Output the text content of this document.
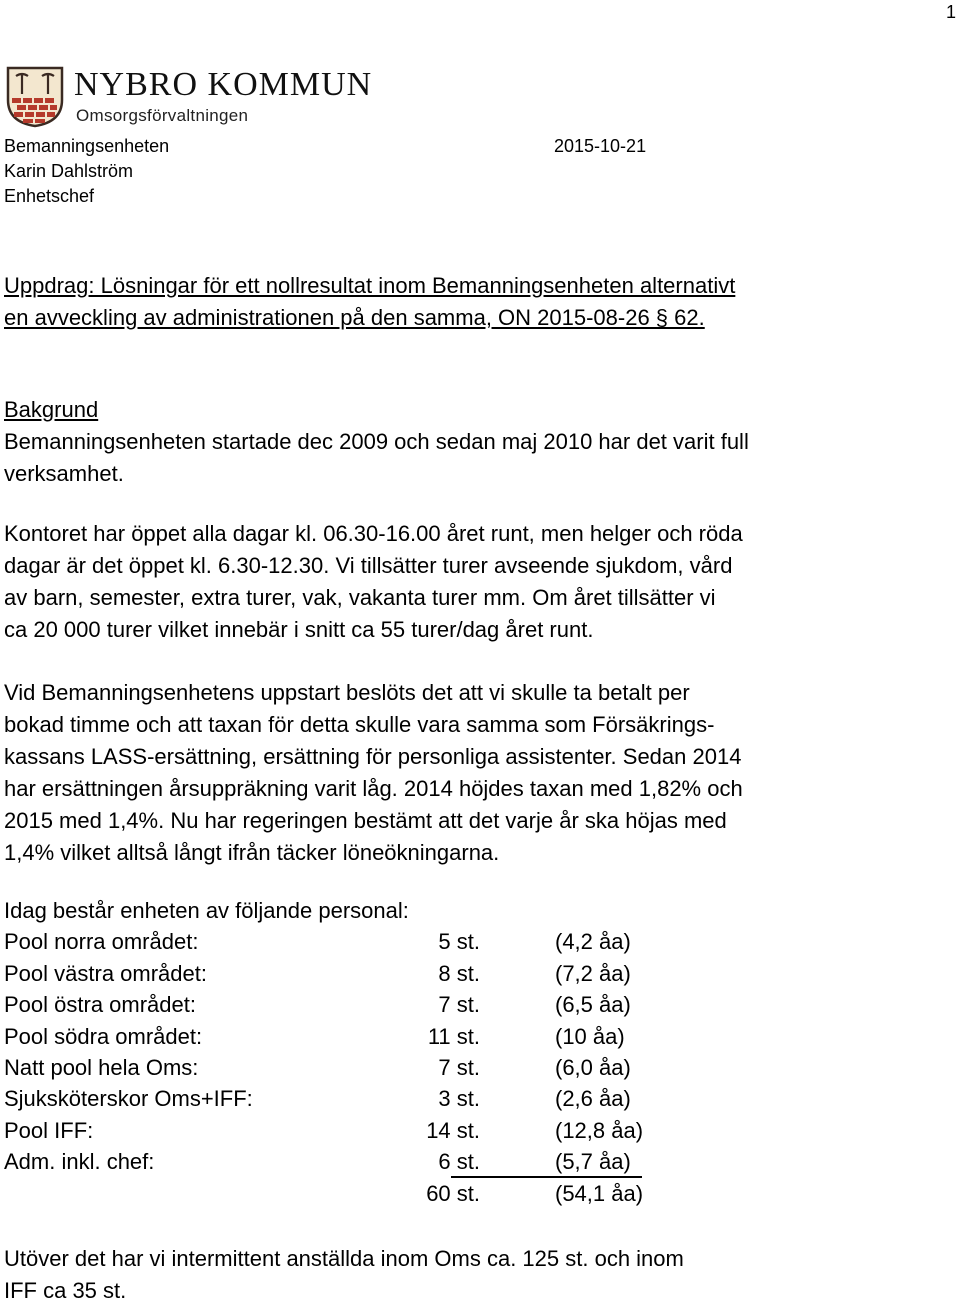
1
NYBRO KOMMUN
Omsorgsförvaltningen
Bemanningsenheten
Karin Dahlström
Enhetschef
2015-10-21
Uppdrag: Lösningar för ett nollresultat inom Bemanningsenheten alternativt
en avveckling av administrationen på den samma, ON 2015-08-26 § 62.
Bakgrund
Bemanningsenheten startade dec 2009 och sedan maj 2010 har det varit full
verksamhet.
Kontoret har öppet alla dagar kl. 06.30-16.00 året runt, men helger och röda
dagar är det öppet kl. 6.30-12.30. Vi tillsätter turer avseende sjukdom, vård
av barn, semester, extra turer, vak, vakanta turer mm. Om året tillsätter vi
ca 20 000 turer vilket innebär i snitt ca 55 turer/dag året runt.
Vid Bemanningsenhetens uppstart beslöts det att vi skulle ta betalt per
bokad timme och att taxan för detta skulle vara samma som Försäkrings-
kassans LASS-ersättning, ersättning för personliga assistenter. Sedan 2014
har ersättningen årsuppräkning varit låg. 2014 höjdes taxan med 1,82% och
2015 med 1,4%. Nu har regeringen bestämt att det varje år ska höjas med
1,4% vilket alltså långt ifrån täcker löneökningarna.
Idag består enheten av följande personal:
Pool norra området:	5 st.	(4,2 åa)
Pool västra området:	8 st.	(7,2 åa)
Pool östra området:	7 st.	(6,5 åa)
Pool södra området:	11 st.	(10 åa)
Natt pool hela Oms:	7 st.	(6,0 åa)
Sjuksköterskor Oms+IFF:	3 st.	(2,6 åa)
Pool IFF:	14 st.	(12,8 åa)
Adm. inkl. chef:	6 st.	(5,7 åa)
60 st.	(54,1 åa)
Utöver det har vi intermittent anställda inom Oms ca. 125 st. och inom
IFF ca 35 st.
